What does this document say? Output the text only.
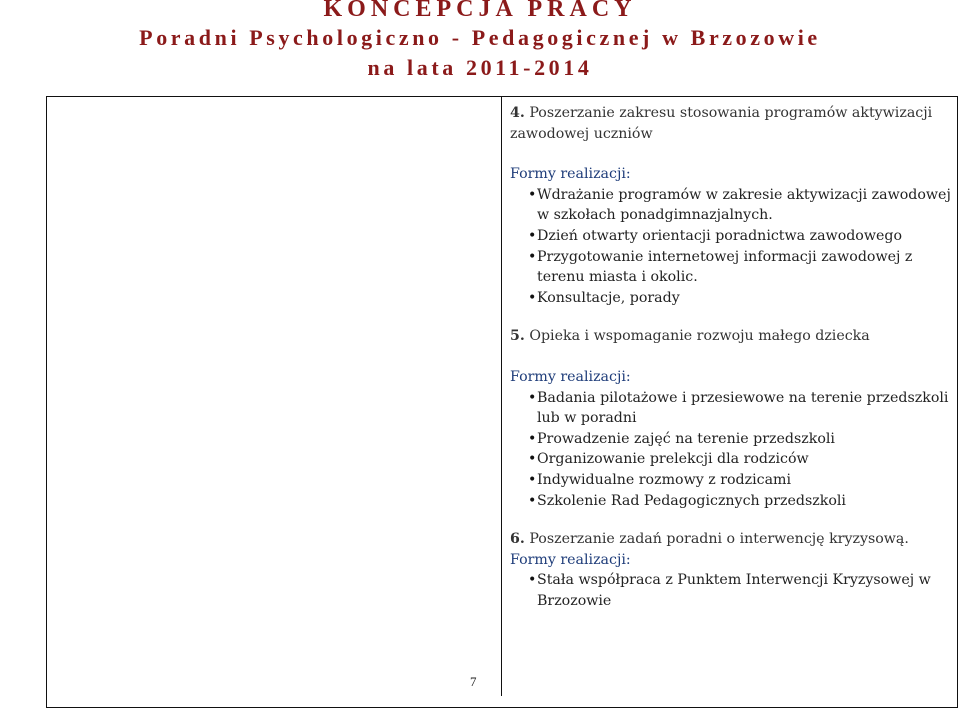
KONCEPCJA PRACY
Poradni Psychologiczno - Pedagogicznej w Brzozowie
na lata 2011-2014
4. Poszerzanie zakresu stosowania programów aktywizacji zawodowej uczniów
Formy realizacji:
• Wdrażanie programów w zakresie aktywizacji zawodowej w szkołach ponadgimnazjalnych.
• Dzień otwarty orientacji poradnictwa zawodowego
• Przygotowanie internetowej informacji zawodowej z terenu miasta i okolic.
• Konsultacje, porady
5. Opieka i wspomaganie rozwoju małego dziecka
Formy realizacji:
• Badania pilotażowe i przesiewowe na terenie przedszkoli lub w poradni
• Prowadzenie zajęć na terenie przedszkoli
• Organizowanie prelekcji dla rodziców
• Indywidualne rozmowy z rodzicami
• Szkolenie Rad Pedagogicznych przedszkoli
6. Poszerzanie zadań poradni o interwencję kryzysową.
Formy realizacji:
• Stała współpraca z Punktem Interwencji Kryzysowej w Brzozowie
7
